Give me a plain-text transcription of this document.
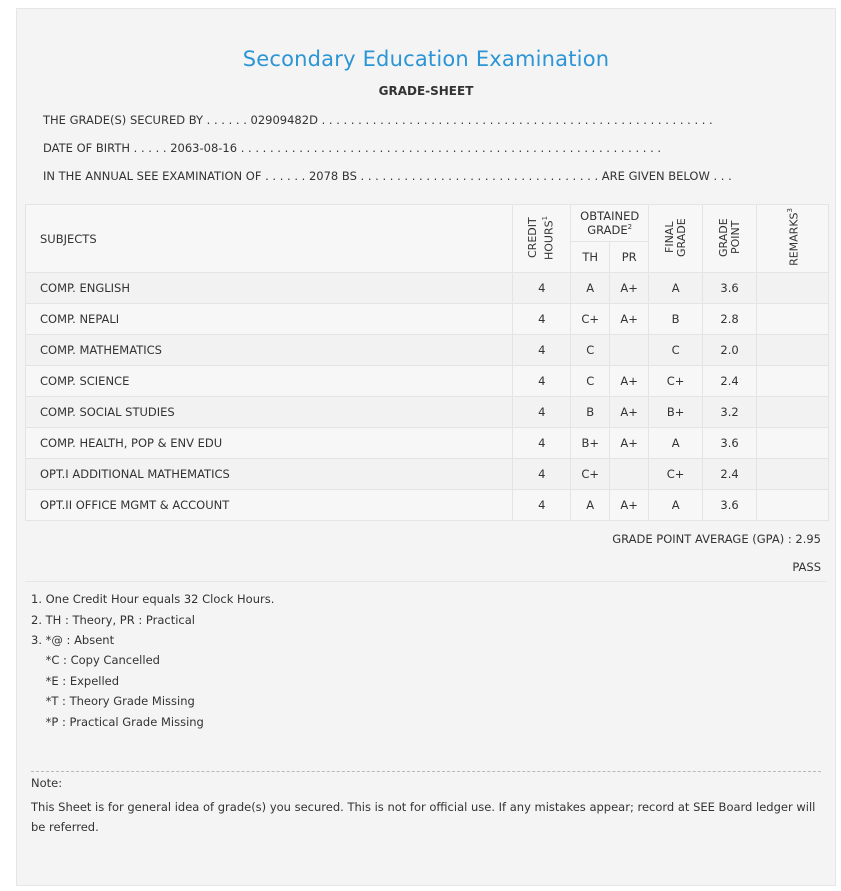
Secondary Education Examination
GRADE-SHEET
THE GRADE(S) SECURED BY . . . . . . 02909482D . . . . . . . . . . . . . . . . . . . . . . . . . . . . . . . . . . . . . . . . . . . . . . . . . . . . . .
DATE OF BIRTH . . . . . 2063-08-16 . . . . . . . . . . . . . . . . . . . . . . . . . . . . . . . . . . . . . . . . . . . . . . . . . . . . . . . . . .
IN THE ANNUAL SEE EXAMINATION OF . . . . . . 2078 BS . . . . . . . . . . . . . . . . . . . . . . . . . . . . . . . . . ARE GIVEN BELOW . . .
SUBJECTS	CREDIT HOURS$^1$	OBTAINED GRADE$^2$		FINAL GRADE	GRADE POINT	REMARKS$^3$
		TH	PR			
COMP. ENGLISH	4	A	A+	A	3.6	
COMP. NEPALI	4	C+	A+	B	2.8	
COMP. MATHEMATICS	4	C		C	2.0	
COMP. SCIENCE	4	C	A+	C+	2.4	
COMP. SOCIAL STUDIES	4	B	A+	B+	3.2	
COMP. HEALTH, POP & ENV EDU	4	B+	A+	A	3.6	
OPT.I ADDITIONAL MATHEMATICS	4	C+		C+	2.4	
OPT.II OFFICE MGMT & ACCOUNT	4	A	A+	A	3.6	
GRADE POINT AVERAGE (GPA) : 2.95
PASS
1. One Credit Hour equals 32 Clock Hours.
2. TH : Theory, PR : Practical
3. *@ : Absent
*C : Copy Cancelled
*E : Expelled
*T : Theory Grade Missing
*P : Practical Grade Missing
Note:
This Sheet is for general idea of grade(s) you secured. This is not for official use. If any mistakes appear; record at SEE Board ledger will be referred.
